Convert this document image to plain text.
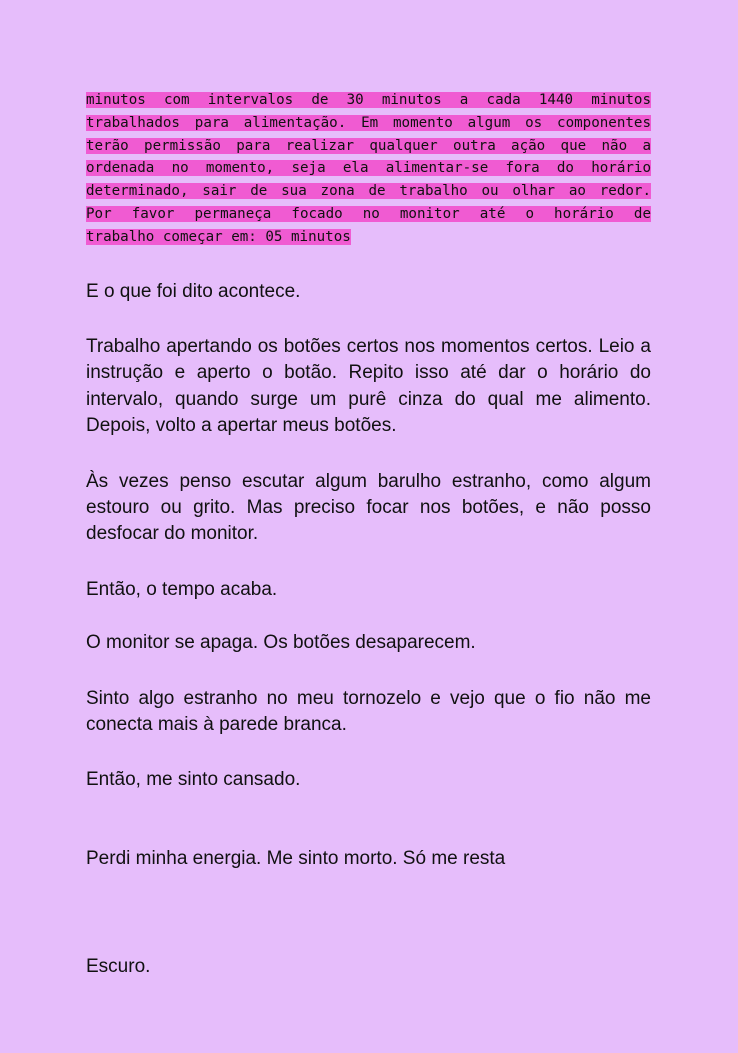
minutos com intervalos de 30 minutos a cada 1440 minutos
trabalhados para alimentação. Em momento algum os componentes
terão permissão para realizar qualquer outra ação que não a
ordenada no momento, seja ela alimentar-se fora do horário
determinado, sair de sua zona de trabalho ou olhar ao redor.
Por favor permaneça focado no monitor até o horário de
trabalho começar em: 05 minutos

E o que foi dito acontece.

Trabalho apertando os botões certos nos momentos certos. Leio a instrução e aperto o botão. Repito isso até dar o horário do intervalo, quando surge um purê cinza do qual me alimento. Depois, volto a apertar meus botões.

Às vezes penso escutar algum barulho estranho, como algum estouro ou grito. Mas preciso focar nos botões, e não posso desfocar do monitor.

Então, o tempo acaba.

O monitor se apaga. Os botões desaparecem.

Sinto algo estranho no meu tornozelo e vejo que o fio não me conecta mais à parede branca.

Então, me sinto cansado.

Perdi minha energia. Me sinto morto. Só me resta

Escuro.
